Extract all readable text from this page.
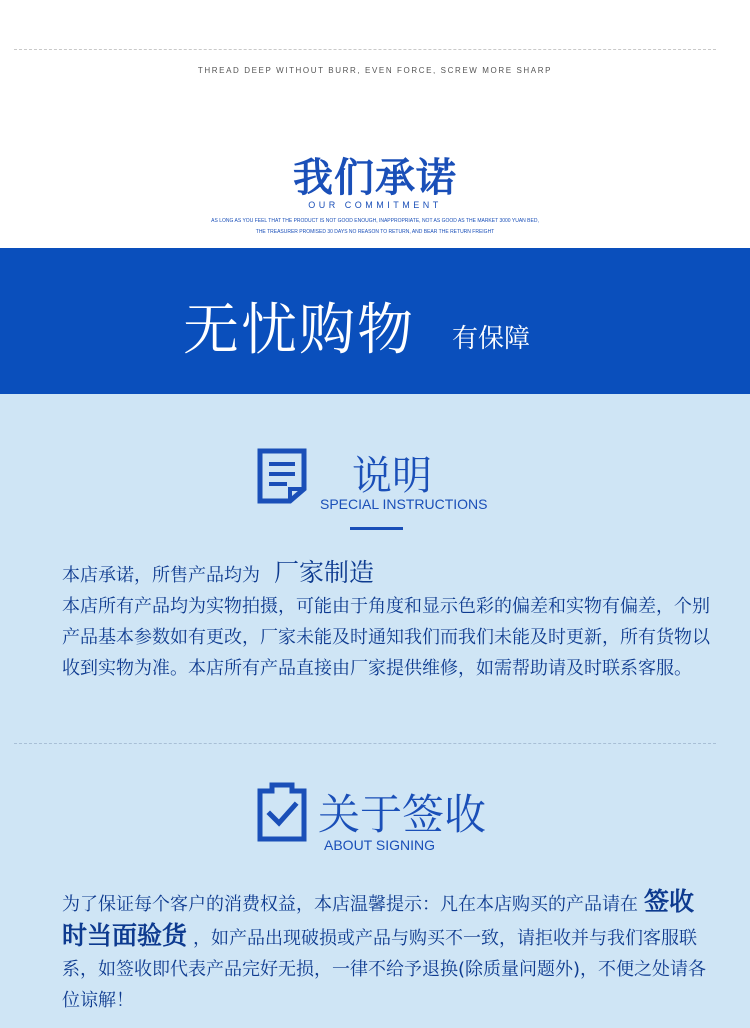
THREAD DEEP WITHOUT BURR, EVEN FORCE, SCREW MORE SHARP
我们承诺
OUR COMMITMENT
AS LONG AS YOU FEEL THAT THE PRODUCT IS NOT GOOD ENOUGH, INAPPROPRIATE, NOT AS GOOD AS THE MARKET 3000 YUAN BED,
THE TREASURER PROMISED 30 DAYS NO REASON TO RETURN, AND BEAR THE RETURN FREIGHT
无忧购物 有保障
说明
SPECIAL INSTRUCTIONS
本店承诺，所售产品均为 厂家制造
本店所有产品均为实物拍摄，可能由于角度和显示色彩的偏差和实物有偏差，个别产品基本参数如有更改，厂家未能及时通知我们而我们未能及时更新，所有货物以收到实物为准。本店所有产品直接由厂家提供维修，如需帮助请及时联系客服。
关于签收
ABOUT SIGNING
为了保证每个客户的消费权益，本店温馨提示：凡在本店购买的产品请在 签收时当面验货 ，如产品出现破损或产品与购买不一致，请拒收并与我们客服联系，如签收即代表产品完好无损，一律不给予退换(除质量问题外)，不便之处请各位谅解！
